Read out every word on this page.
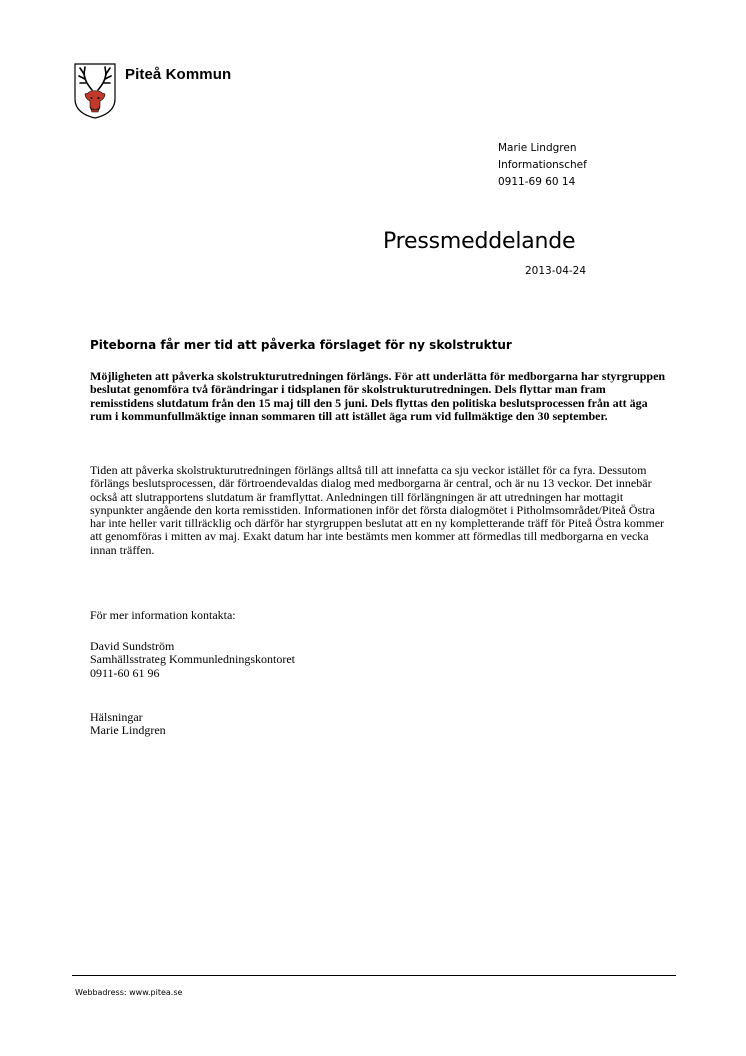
Piteå Kommun
Marie Lindgren
Informationschef
0911-69 60 14
Pressmeddelande
2013-04-24
Piteborna får mer tid att påverka förslaget för ny skolstruktur

Möjligheten att påverka skolstrukturutredningen förlängs. För att underlätta för medborgarna har styrgruppen beslutat genomföra två förändringar i tidsplanen för skolstrukturutredningen. Dels flyttar man fram remisstidens slutdatum från den 15 maj till den 5 juni. Dels flyttas den politiska beslutsprocessen från att äga rum i kommunfullmäktige innan sommaren till att istället äga rum vid fullmäktige den 30 september.

Tiden att påverka skolstrukturutredningen förlängs alltså till att innefatta ca sju veckor istället för ca fyra. Dessutom förlängs beslutsprocessen, där förtroendevaldas dialog med medborgarna är central, och är nu 13 veckor. Det innebär också att slutrapportens slutdatum är framflyttat. Anledningen till förlängningen är att utredningen har mottagit synpunkter angående den korta remisstiden. Informationen inför det första dialogmötet i Pitholmsområdet/Piteå Östra har inte heller varit tillräcklig och därför har styrgruppen beslutat att en ny kompletterande träff för Piteå Östra kommer att genomföras i mitten av maj. Exakt datum har inte bestämts men kommer att förmedlas till medborgarna en vecka innan träffen.

För mer information kontakta:

David Sundström
Samhällsstrateg Kommunledningskontoret
0911-60 61 96
Hälsningar
Marie Lindgren
Webbadress: www.pitea.se
